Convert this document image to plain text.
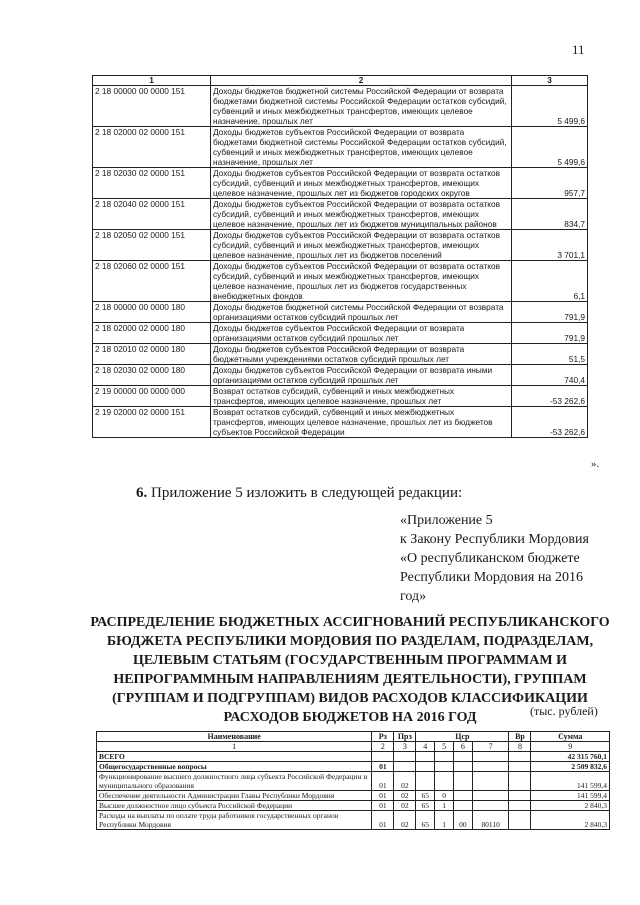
11
1	2	3
2 18 00000 00 0000 151	Доходы бюджетов бюджетной системы Российской Федерации от возврата бюджетами бюджетной системы Российской Федерации остатков субсидий, субвенций и иных межбюджетных трансфертов, имеющих целевое назначение, прошлых лет	5 499,6
2 18 02000 02 0000 151	Доходы бюджетов субъектов Российской Федерации от возврата бюджетами бюджетной системы Российской Федерации остатков субсидий, субвенций и иных межбюджетных трансфертов, имеющих целевое назначение, прошлых лет	5 499,6
2 18 02030 02 0000 151	Доходы бюджетов субъектов Российской Федерации от возврата остатков субсидий, субвенций и иных межбюджетных трансфертов, имеющих целевое назначение, прошлых лет из бюджетов городских округов	957,7
2 18 02040 02 0000 151	Доходы бюджетов субъектов Российской Федерации от возврата остатков субсидий, субвенций и иных межбюджетных трансфертов, имеющих целевое назначение, прошлых лет из бюджетов муниципальных районов	834,7
2 18 02050 02 0000 151	Доходы бюджетов субъектов Российской Федерации от возврата остатков субсидий, субвенций и иных межбюджетных трансфертов, имеющих целевое назначение, прошлых лет из бюджетов поселений	3 701,1
2 18 02060 02 0000 151	Доходы бюджетов субъектов Российской Федерации от возврата остатков субсидий, субвенций и иных межбюджетных трансфертов, имеющих целевое назначение, прошлых лет из бюджетов государственных внебюджетных фондов	6,1
2 18 00000 00 0000 180	Доходы бюджетов бюджетной системы Российской Федерации от возврата организациями остатков субсидий прошлых лет	791,9
2 18 02000 02 0000 180	Доходы бюджетов субъектов Российской Федерации от возврата организациями остатков субсидий прошлых лет	791,9
2 18 02010 02 0000 180	Доходы бюджетов субъектов Российской Федерации от возврата бюджетными учреждениями остатков субсидий прошлых лет	51,5
2 18 02030 02 0000 180	Доходы бюджетов субъектов Российской Федерации от возврата иными организациями остатков субсидий прошлых лет	740,4
2 19 00000 00 0000 000	Возврат остатков субсидий, субвенций и иных межбюджетных трансфертов, имеющих целевое назначение, прошлых лет	-53 262,6
2 19 02000 02 0000 151	Возврат остатков субсидий, субвенций и иных межбюджетных трансфертов, имеющих целевое назначение, прошлых лет из бюджетов субъектов Российской Федерации	-53 262,6
».
6. Приложение 5 изложить в следующей редакции:
«Приложение 5
к Закону Республики Мордовия
«О республиканском бюджете
Республики Мордовия на 2016
год»
РАСПРЕДЕЛЕНИЕ БЮДЖЕТНЫХ АССИГНОВАНИЙ РЕСПУБЛИКАНСКОГО БЮДЖЕТА РЕСПУБЛИКИ МОРДОВИЯ ПО РАЗДЕЛАМ, ПОДРАЗДЕЛАМ, ЦЕЛЕВЫМ СТАТЬЯМ (ГОСУДАРСТВЕННЫМ ПРОГРАММАМ И НЕПРОГРАММНЫМ НАПРАВЛЕНИЯМ ДЕЯТЕЛЬНОСТИ), ГРУППАМ (ГРУППАМ И ПОДГРУППАМ) ВИДОВ РАСХОДОВ КЛАССИФИКАЦИИ РАСХОДОВ БЮДЖЕТОВ НА 2016 ГОД	(тыс. рублей)
Наименование	Рз	Прз	Цср				Вр	Сумма
1	2	3	4	5	6	7	8	9
ВСЕГО								42 315 760,1
Общегосударственные вопросы	01							2 509 832,6
Функционирование высшего должностного лица субъекта Российской Федерации и муниципального образования	01	02						141 599,4
Обеспечение деятельности Администрации Главы Республики Мордовия	01	02	65	0				141 599,4
Высшее должностное лицо субъекта Российской Федерации	01	02	65	1				2 840,3
Расходы на выплаты по оплате труда работников государственных органов Республики Мордовия	01	02	65	1	00	80110		2 840,3
